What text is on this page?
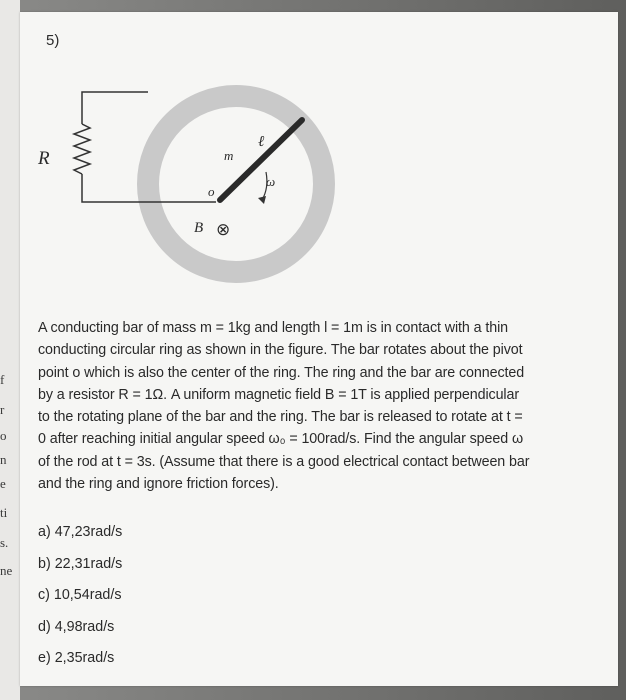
f
r
o
n
e
ti
s.
ne
5)
R	m
ℓ
o
ω
B ⊗
A conducting bar of mass m = 1kg and length l = 1m is in contact with a thin
conducting circular ring as shown in the figure. The bar rotates about the pivot
point o which is also the center of the ring. The ring and the bar are connected
by a resistor R = 1Ω. A uniform magnetic field B = 1T is applied perpendicular
to the rotating plane of the bar and the ring. The bar is released to rotate at t =
0 after reaching initial angular speed ω₀ = 100rad/s. Find the angular speed ω
of the rod at t = 3s. (Assume that there is a good electrical contact between bar
and the ring and ignore friction forces).
a) 47,23rad/s
b) 22,31rad/s
c) 10,54rad/s
d) 4,98rad/s
e) 2,35rad/s
